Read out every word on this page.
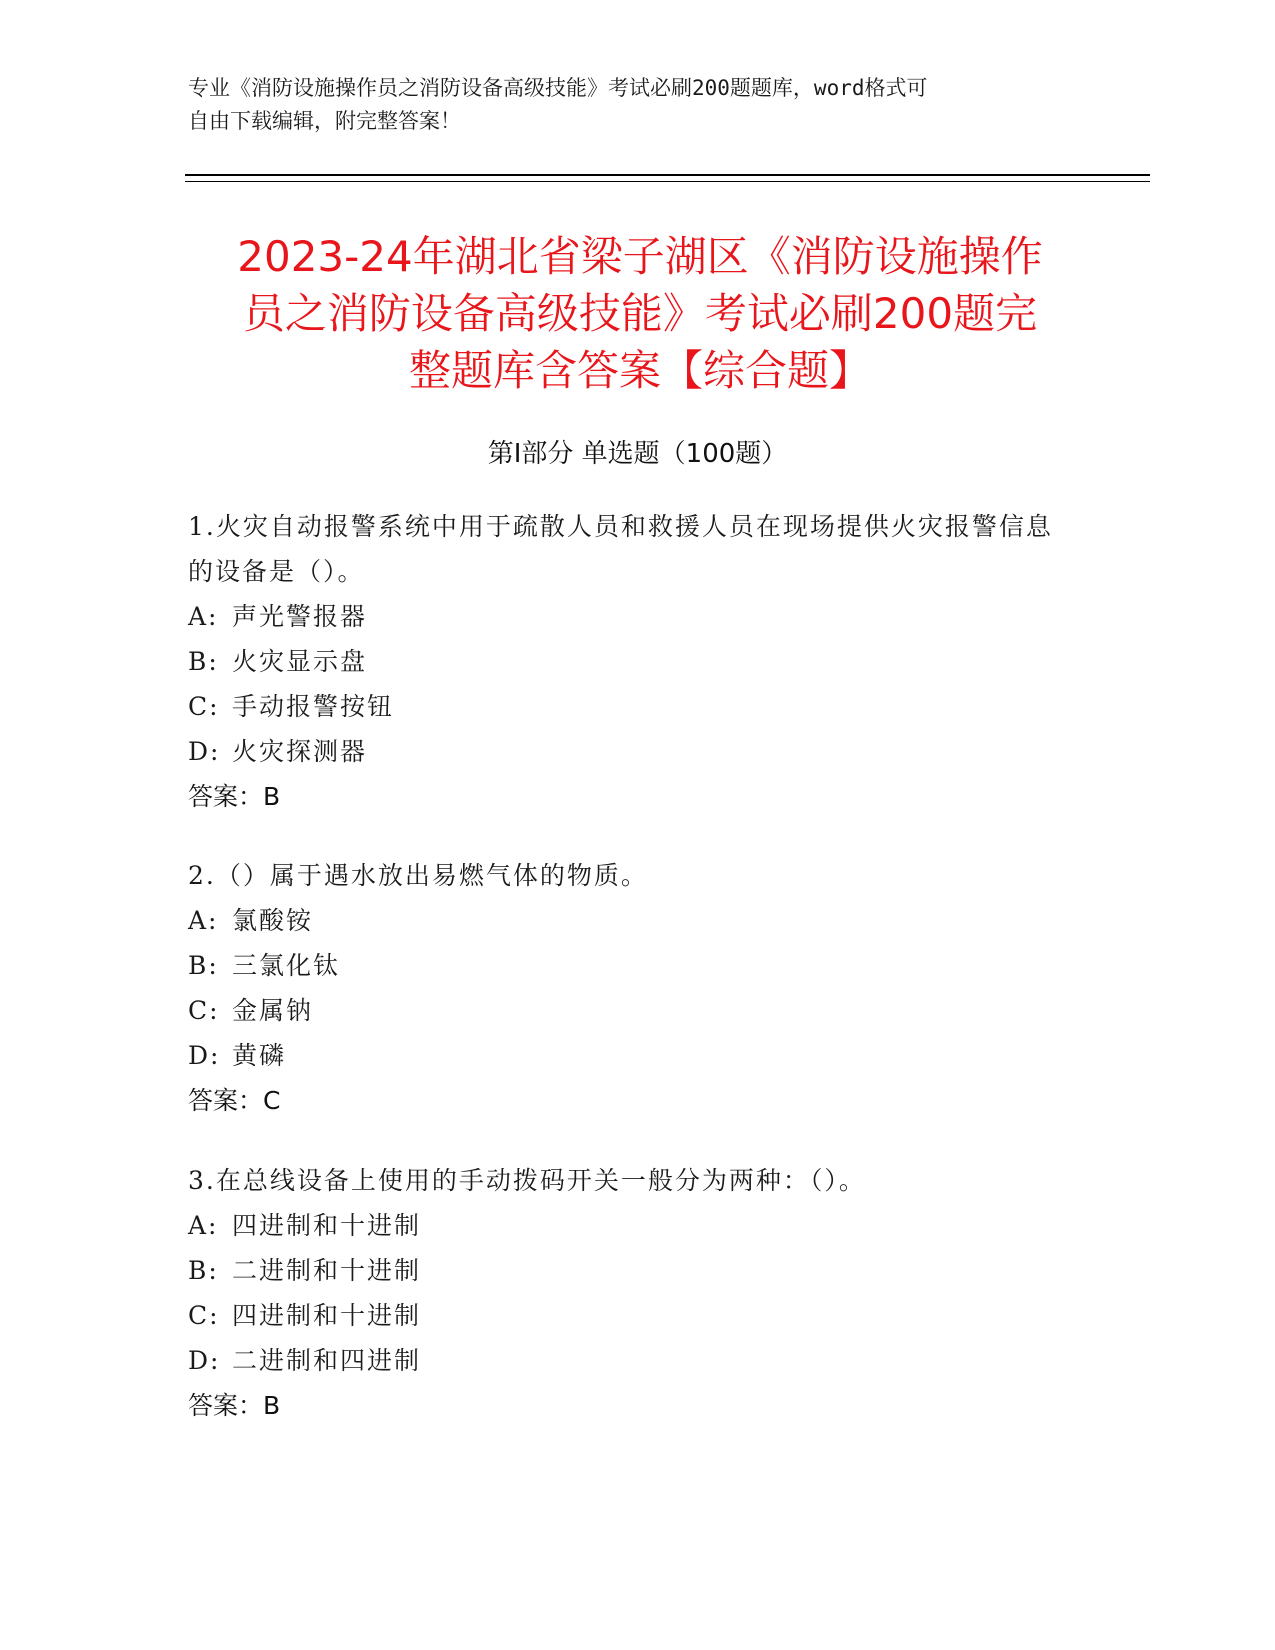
专业《消防设施操作员之消防设备高级技能》考试必刷200题题库，word格式可
自由下载编辑，附完整答案！
2023-24年湖北省梁子湖区《消防设施操作
员之消防设备高级技能》考试必刷200题完
整题库含答案【综合题】
第Ⅰ部分 单选题（100题）
1.火灾自动报警系统中用于疏散人员和救援人员在现场提供火灾报警信息的设备是（）。
A: 声光警报器
B: 火灾显示盘
C: 手动报警按钮
D: 火灾探测器
答案：B
2.（）属于遇水放出易燃气体的物质。
A: 氯酸铵
B: 三氯化钛
C: 金属钠
D: 黄磷
答案：C
3.在总线设备上使用的手动拨码开关一般分为两种：（）。
A: 四进制和十进制
B: 二进制和十进制
C: 四进制和十进制
D: 二进制和四进制
答案：B
